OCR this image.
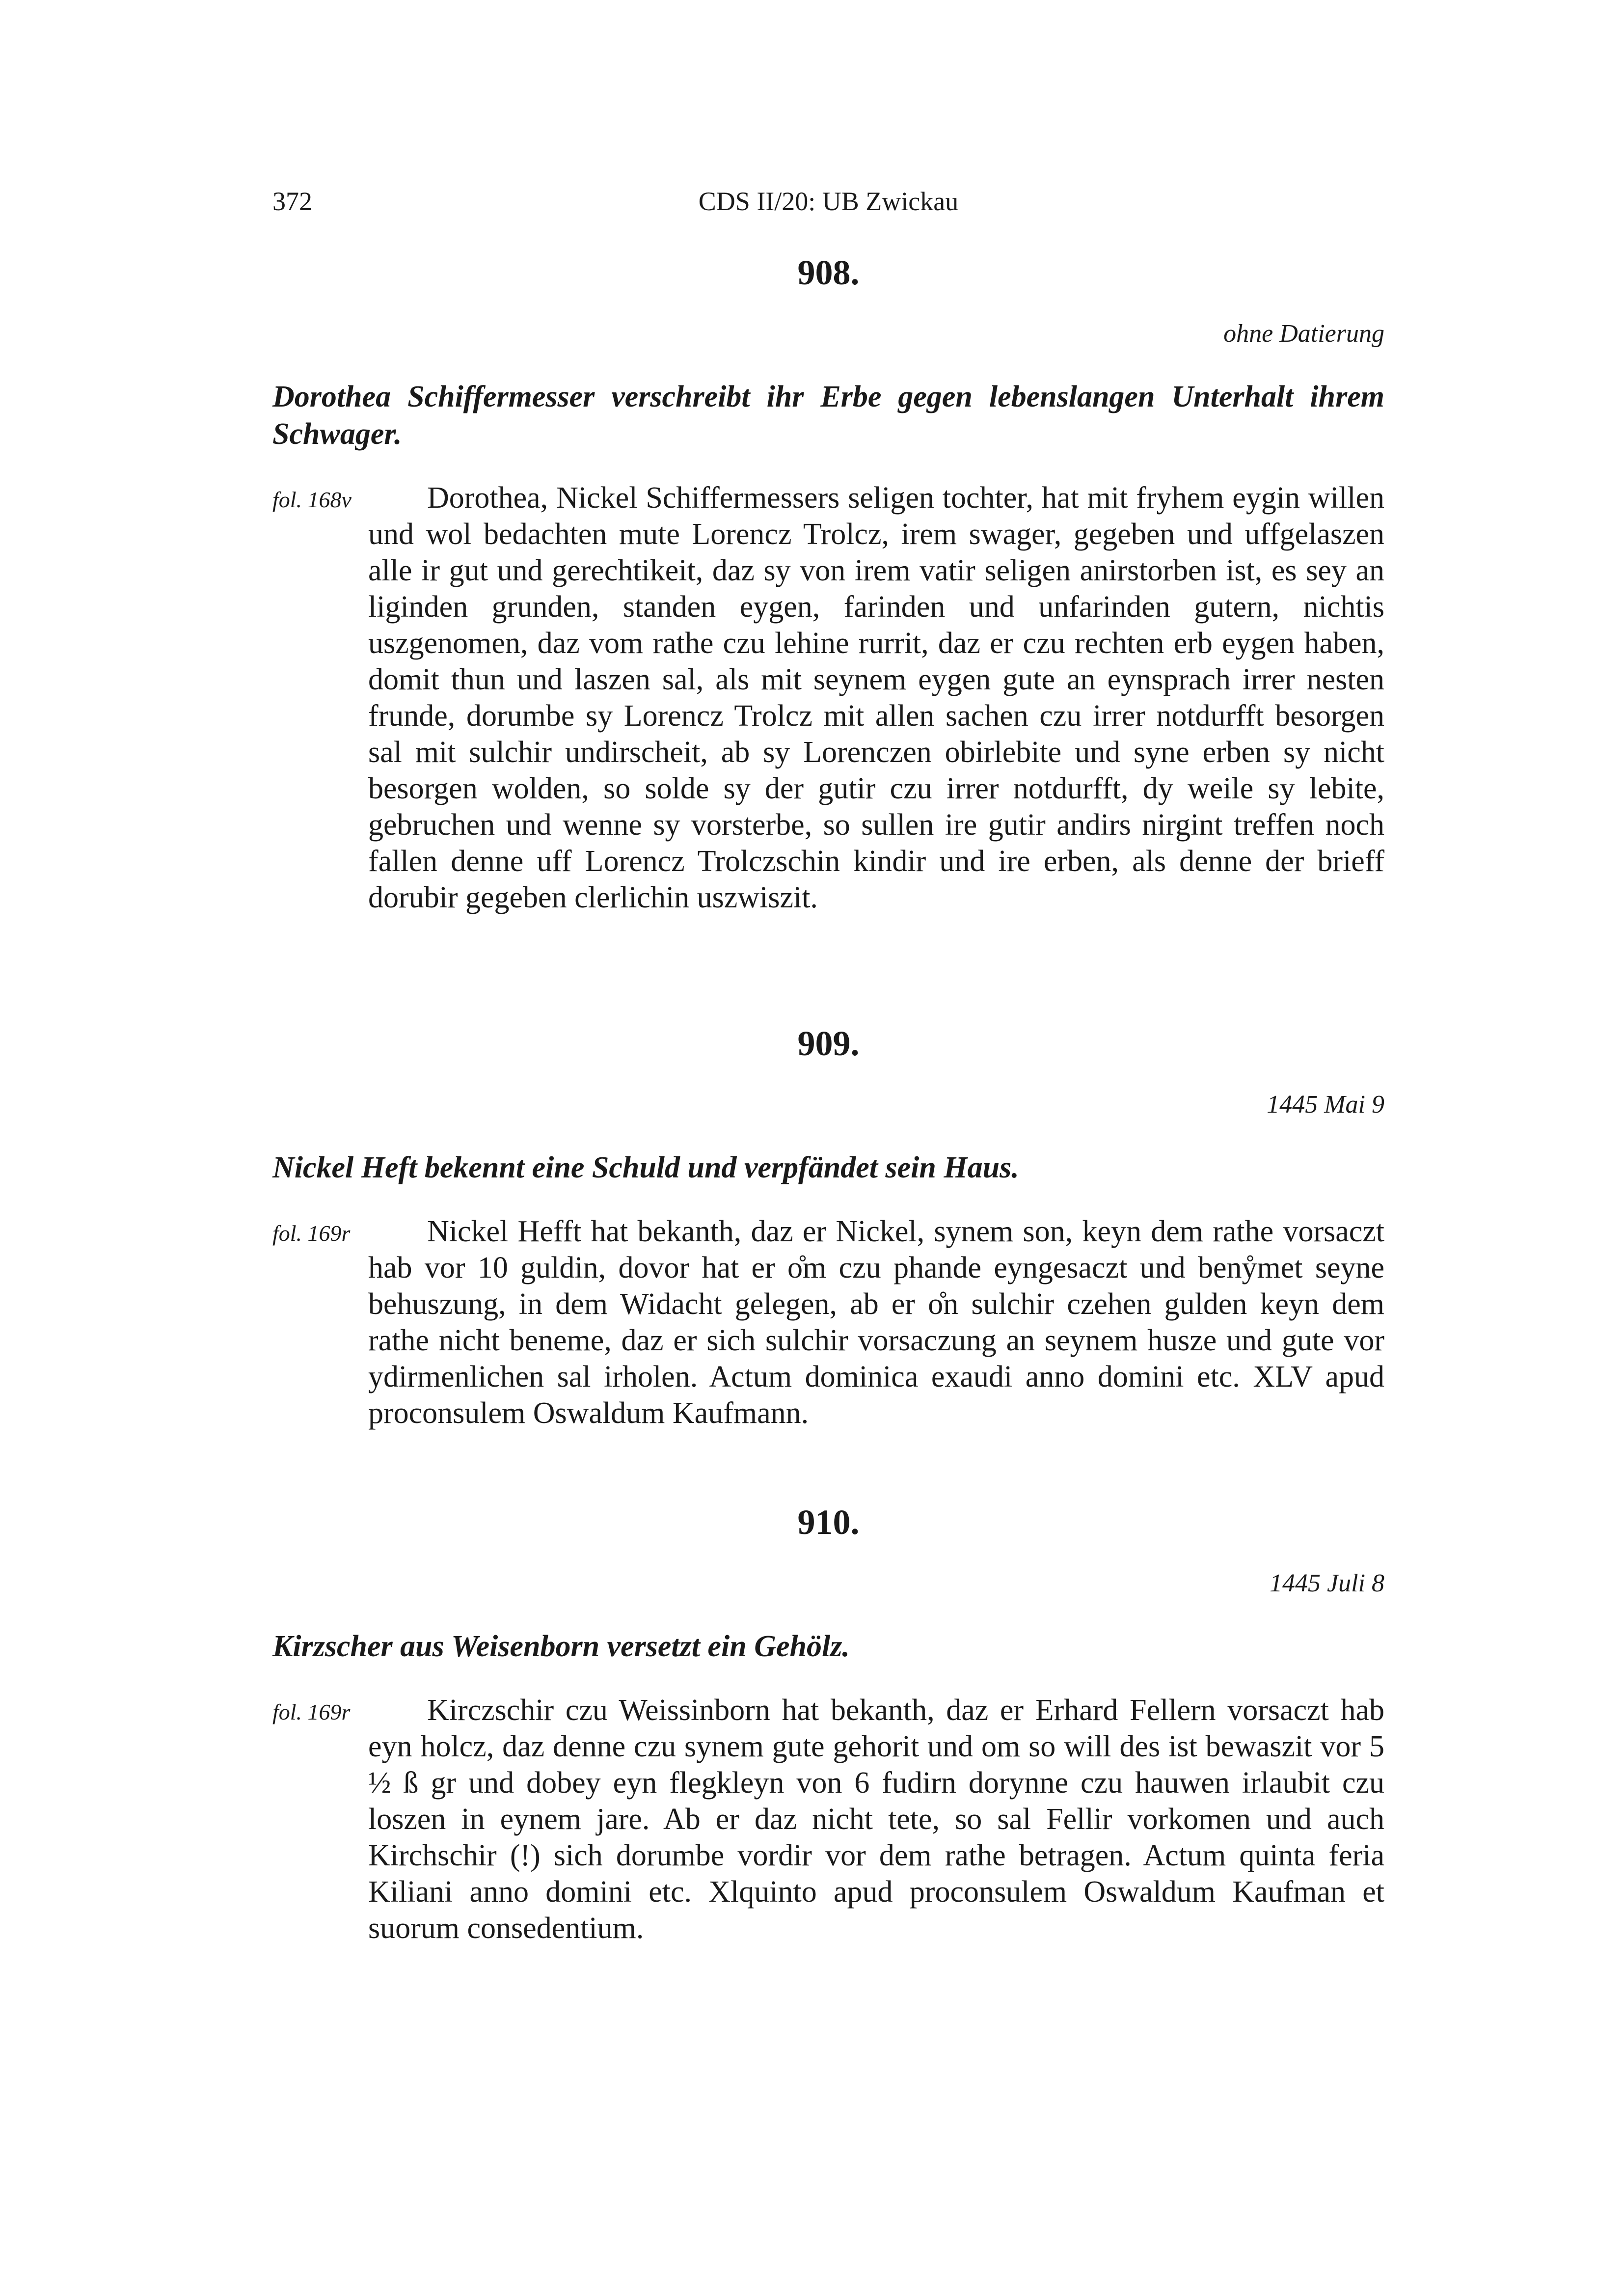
372	CDS II/20: UB Zwickau
908.
ohne Datierung
Dorothea Schiffermesser verschreibt ihr Erbe gegen lebenslangen Unterhalt ihrem Schwager.
fol. 168v	Dorothea, Nickel Schiffermessers seligen tochter, hat mit fryhem eygin willen und wol bedachten mute Lorencz Trolcz, irem swager, gegeben und uffgelaszen alle ir gut und gerechtikeit, daz sy von irem vatir seligen anirstorben ist, es sey an liginden grunden, standen eygen, farinden und unfarinden gutern, nichtis uszgenomen, daz vom rathe czu lehine rurrit, daz er czu rechten erb eygen haben, domit thun und laszen sal, als mit seynem eygen gute an eynsprach irrer nesten frunde, dorumbe sy Lorencz Trolcz mit allen sachen czu irrer notdurfft besorgen sal mit sulchir undirscheit, ab sy Lorenczen obirlebite und syne erben sy nicht besorgen wolden, so solde sy der gutir czu irrer notdurfft, dy weile sy lebite, gebruchen und wenne sy vorsterbe, so sullen ire gutir andirs nirgint treffen noch fallen denne uff Lorencz Trolczschin kindir und ire erben, als denne der brieff dorubir gegeben clerlichin uszwiszit.
909.
1445 Mai 9
Nickel Heft bekennt eine Schuld und verpfändet sein Haus.
fol. 169r	Nickel Hefft hat bekanth, daz er Nickel, synem son, keyn dem rathe vorsaczt hab vor 10 guldin, dovor hat er o̊m czu phande eyngesaczt und benẙmet seyne behuszung, in dem Widacht gelegen, ab er o̊n sulchir czehen gulden keyn dem rathe nicht beneme, daz er sich sulchir vorsaczung an seynem husze und gute vor ydirmenlichen sal irholen. Actum dominica exaudi anno domini etc. XLV apud proconsulem Oswaldum Kaufmann.
910.
1445 Juli 8
Kirzscher aus Weisenborn versetzt ein Gehölz.
fol. 169r	Kirczschir czu Weissinborn hat bekanth, daz er Erhard Fellern vorsaczt hab eyn holcz, daz denne czu synem gute gehorit und om so will des ist bewaszit vor 5 ½ ß gr und dobey eyn flegkleyn von 6 fudirn dorynne czu hauwen irlaubit czu loszen in eynem jare. Ab er daz nicht tete, so sal Fellir vorkomen und auch Kirchschir (!) sich dorumbe vordir vor dem rathe betragen. Actum quinta feria Kiliani anno domini etc. Xlquinto apud proconsulem Oswaldum Kaufman et suorum consedentium.
